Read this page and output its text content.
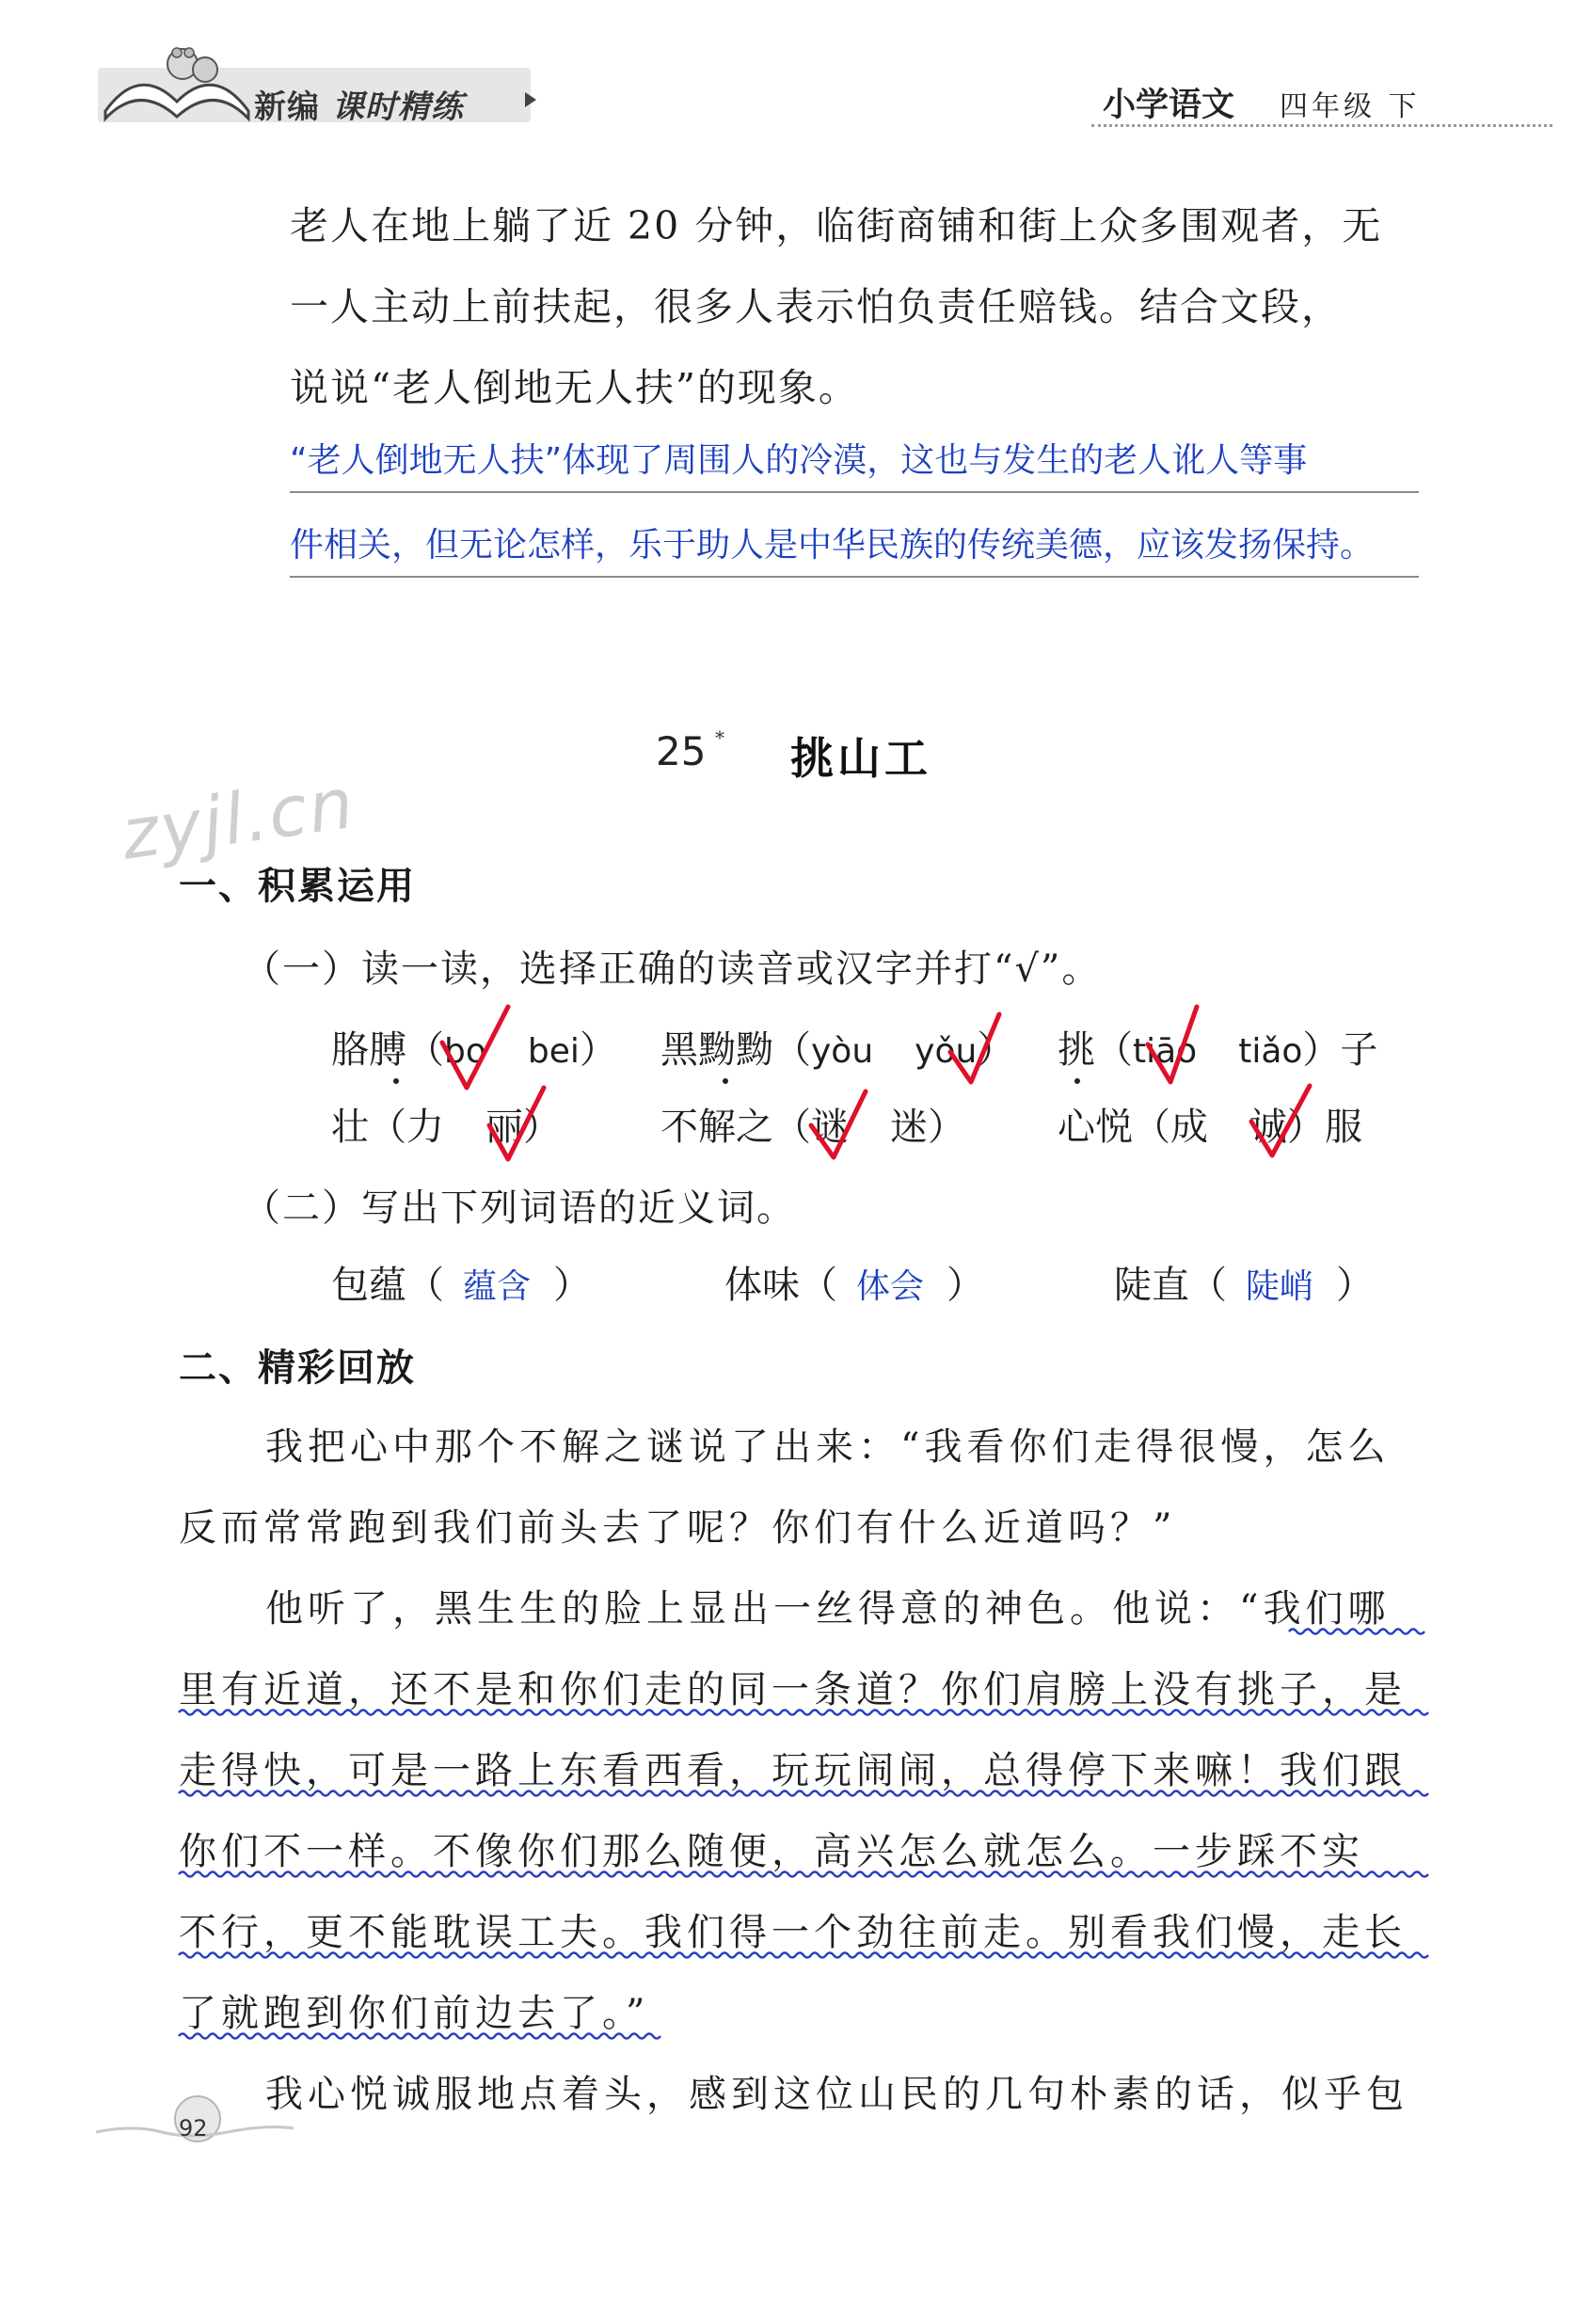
新编 课时精练	小学语文 四年级 下
老人在地上躺了近 20 分钟，临街商铺和街上众多围观者，无
一人主动上前扶起，很多人表示怕负责任赔钱。结合文段，
说说“老人倒地无人扶”的现象。
“老人倒地无人扶”体现了周围人的冷漠，这也与发生的老人讹人等事
件相关，但无论怎样，乐于助人是中华民族的传统美德，应该发扬保持。
25 * 挑山工
zyjl.cn
一、积累运用
（一）读一读，选择正确的读音或汉字并打“√”。
胳膊（bo bei） 黑黝黝（yòu yǒu） 挑（tiāo tiǎo）子
壮（力 丽）	不解之（谜 迷） 心悦（成 诚）服
（二）写出下列词语的近义词。
包蕴（ 蕴含 ）	体味（ 体会 ）	陡直（ 陡峭 ）
二、精彩回放
我把心中那个不解之谜说了出来：“我看你们走得很慢，怎么
反而常常跑到我们前头去了呢？你们有什么近道吗？”
他听了，黑生生的脸上显出一丝得意的神色。他说：“我们哪
里有近道，还不是和你们走的同一条道？你们肩膀上没有挑子，是
走得快，可是一路上东看西看，玩玩闹闹，总得停下来嘛！我们跟
你们不一样。不像你们那么随便，高兴怎么就怎么。一步踩不实
不行，更不能耽误工夫。我们得一个劲往前走。别看我们慢，走长
了就跑到你们前边去了。”
我心悦诚服地点着头，感到这位山民的几句朴素的话，似乎包
92
